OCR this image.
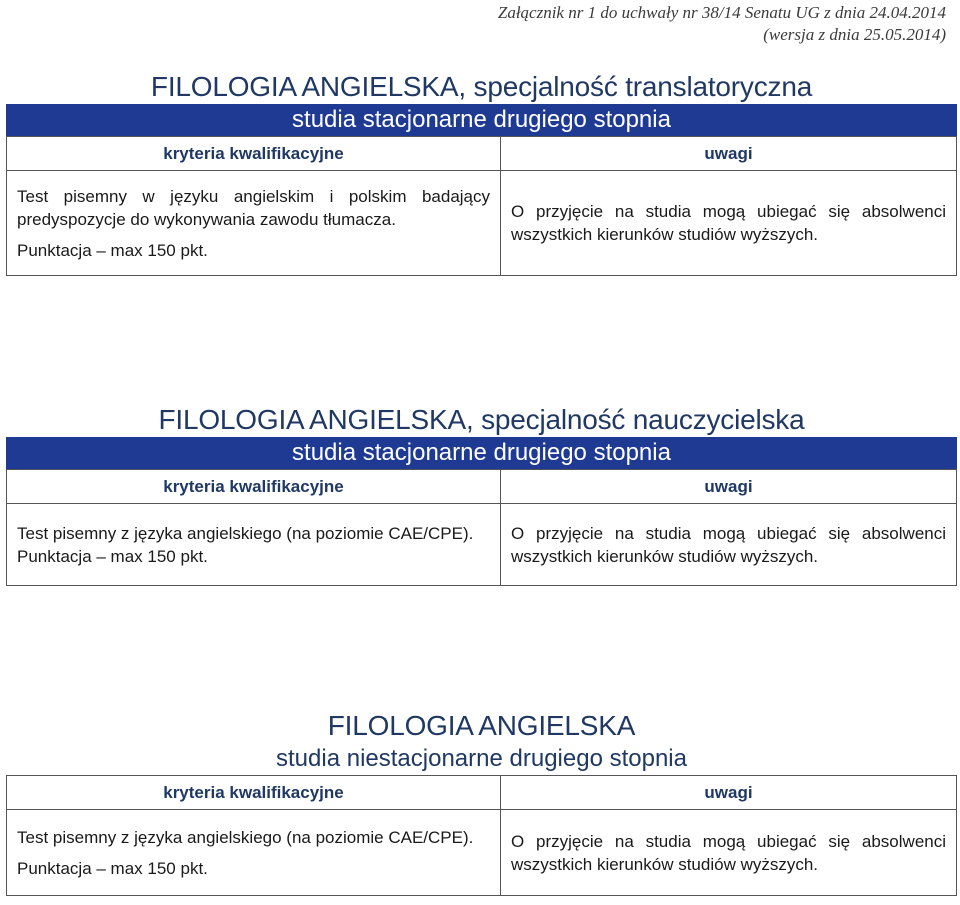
Załącznik nr 1 do uchwały nr 38/14 Senatu UG z dnia 24.04.2014
(wersja z dnia 25.05.2014)
FILOLOGIA ANGIELSKA, specjalność translatoryczna
studia stacjonarne drugiego stopnia
kryteria kwalifikacyjne	uwagi

Test pisemny w języku angielskim i polskim badający predyspozycje do wykonywania zawodu tłumacza.
Punktacja – max 150 pkt.	O przyjęcie na studia mogą ubiegać się absolwenci wszystkich kierunków studiów wyższych.
FILOLOGIA ANGIELSKA, specjalność nauczycielska
studia stacjonarne drugiego stopnia
kryteria kwalifikacyjne	uwagi

Test pisemny z języka angielskiego (na poziomie CAE/CPE).
Punktacja – max 150 pkt.	O przyjęcie na studia mogą ubiegać się absolwenci wszystkich kierunków studiów wyższych.
FILOLOGIA ANGIELSKA
studia niestacjonarne drugiego stopnia
kryteria kwalifikacyjne	uwagi

Test pisemny z języka angielskiego (na poziomie CAE/CPE).
Punktacja – max 150 pkt.	O przyjęcie na studia mogą ubiegać się absolwenci wszystkich kierunków studiów wyższych.
